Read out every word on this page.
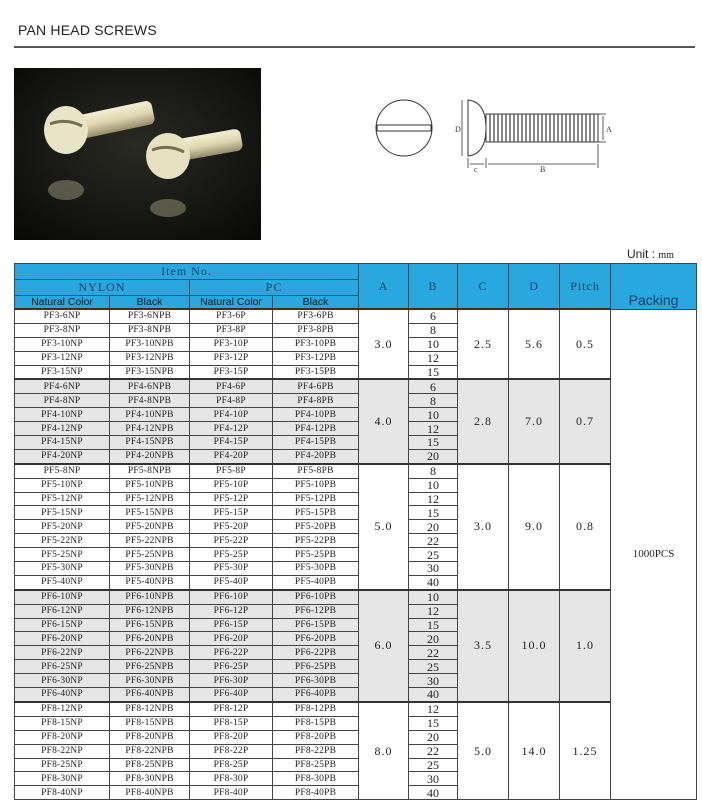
PAN HEAD SCREWS
A
B
c
D
Unit : mm
Item No.				A	B	C	D	Pitch	Packing
NYLON		PC							
Natural Color	Black	Natural Color	Black						
PF3-6NP	PF3-6NPB	PF3-6P	PF3-6PB	3.0	6	2.5	5.6	0.5	1000PCS
PF3-8NP	PF3-8NPB	PF3-8P	PF3-8PB		8				
PF3-10NP	PF3-10NPB	PF3-10P	PF3-10PB		10				
PF3-12NP	PF3-12NPB	PF3-12P	PF3-12PB		12				
PF3-15NP	PF3-15NPB	PF3-15P	PF3-15PB		15				
PF4-6NP	PF4-6NPB	PF4-6P	PF4-6PB	4.0	6	2.8	7.0	0.7	
PF4-8NP	PF4-8NPB	PF4-8P	PF4-8PB		8				
PF4-10NP	PF4-10NPB	PF4-10P	PF4-10PB		10				
PF4-12NP	PF4-12NPB	PF4-12P	PF4-12PB		12				
PF4-15NP	PF4-15NPB	PF4-15P	PF4-15PB		15				
PF4-20NP	PF4-20NPB	PF4-20P	PF4-20PB		20				
PF5-8NP	PF5-8NPB	PF5-8P	PF5-8PB	5.0	8	3.0	9.0	0.8	
PF5-10NP	PF5-10NPB	PF5-10P	PF5-10PB		10				
PF5-12NP	PF5-12NPB	PF5-12P	PF5-12PB		12				
PF5-15NP	PF5-15NPB	PF5-15P	PF5-15PB		15				
PF5-20NP	PF5-20NPB	PF5-20P	PF5-20PB		20				
PF5-22NP	PF5-22NPB	PF5-22P	PF5-22PB		22				
PF5-25NP	PF5-25NPB	PF5-25P	PF5-25PB		25				
PF5-30NP	PF5-30NPB	PF5-30P	PF5-30PB		30				
PF5-40NP	PF5-40NPB	PF5-40P	PF5-40PB		40				
PF6-10NP	PF6-10NPB	PF6-10P	PF6-10PB	6.0	10	3.5	10.0	1.0	
PF6-12NP	PF6-12NPB	PF6-12P	PF6-12PB		12				
PF6-15NP	PF6-15NPB	PF6-15P	PF6-15PB		15				
PF6-20NP	PF6-20NPB	PF6-20P	PF6-20PB		20				
PF6-22NP	PF6-22NPB	PF6-22P	PF6-22PB		22				
PF6-25NP	PF6-25NPB	PF6-25P	PF6-25PB		25				
PF6-30NP	PF6-30NPB	PF6-30P	PF6-30PB		30				
PF6-40NP	PF6-40NPB	PF6-40P	PF6-40PB		40				
PF8-12NP	PF8-12NPB	PF8-12P	PF8-12PB	8.0	12	5.0	14.0	1.25	
PF8-15NP	PF8-15NPB	PF8-15P	PF8-15PB		15				
PF8-20NP	PF8-20NPB	PF8-20P	PF8-20PB		20				
PF8-22NP	PF8-22NPB	PF8-22P	PF8-22PB		22				
PF8-25NP	PF8-25NPB	PF8-25P	PF8-25PB		25				
PF8-30NP	PF8-30NPB	PF8-30P	PF8-30PB		30				
PF8-40NP	PF8-40NPB	PF8-40P	PF8-40PB		40				
